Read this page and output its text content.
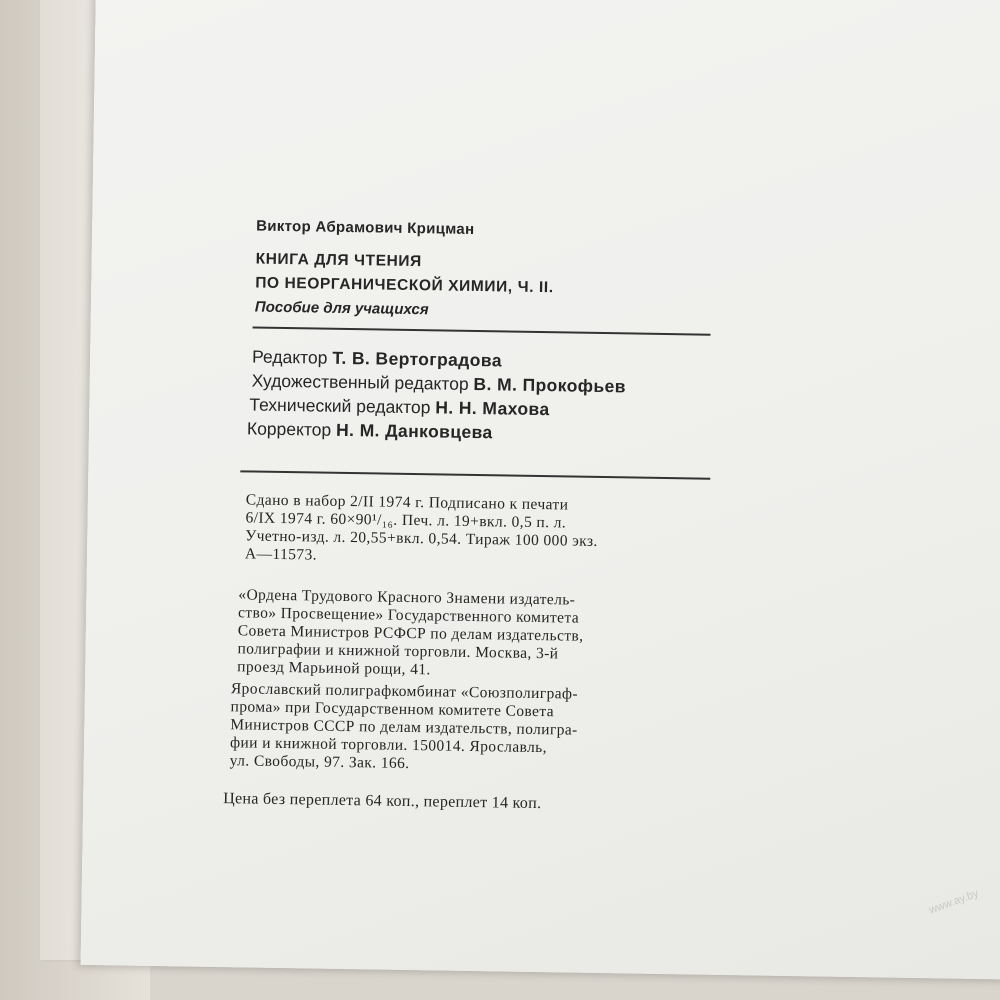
Виктор Абрамович Крицман
КНИГА ДЛЯ ЧТЕНИЯ
ПО НЕОРГАНИЧЕСКОЙ ХИМИИ, Ч. II.
Пособие для учащихся
Редактор Т. В. Вертоградова
Художественный редактор В. М. Прокофьев
Технический редактор Н. Н. Махова
Корректор Н. М. Данковцева
Сдано в набор 2/II 1974 г. Подписано к печати
6/IX 1974 г. 60×90¹/₁₆. Печ. л. 19+вкл. 0,5 п. л.
Учетно-изд. л. 20,55+вкл. 0,54. Тираж 100 000 экз.
А—11573.
«Ордена Трудового Красного Знамени издатель-
ство» Просвещение» Государственного комитета
Совета Министров РСФСР по делам издательств,
полиграфии и книжной торговли. Москва, 3-й
проезд Марьиной рощи, 41.
Ярославский полиграфкомбинат «Союзполиграф-
прома» при Государственном комитете Совета
Министров СССР по делам издательств, полигра-
фии и книжной торговли. 150014. Ярославль,
ул. Свободы, 97. Зак. 166.
Цена без переплета 64 коп., переплет 14 коп.
www.ay.by
